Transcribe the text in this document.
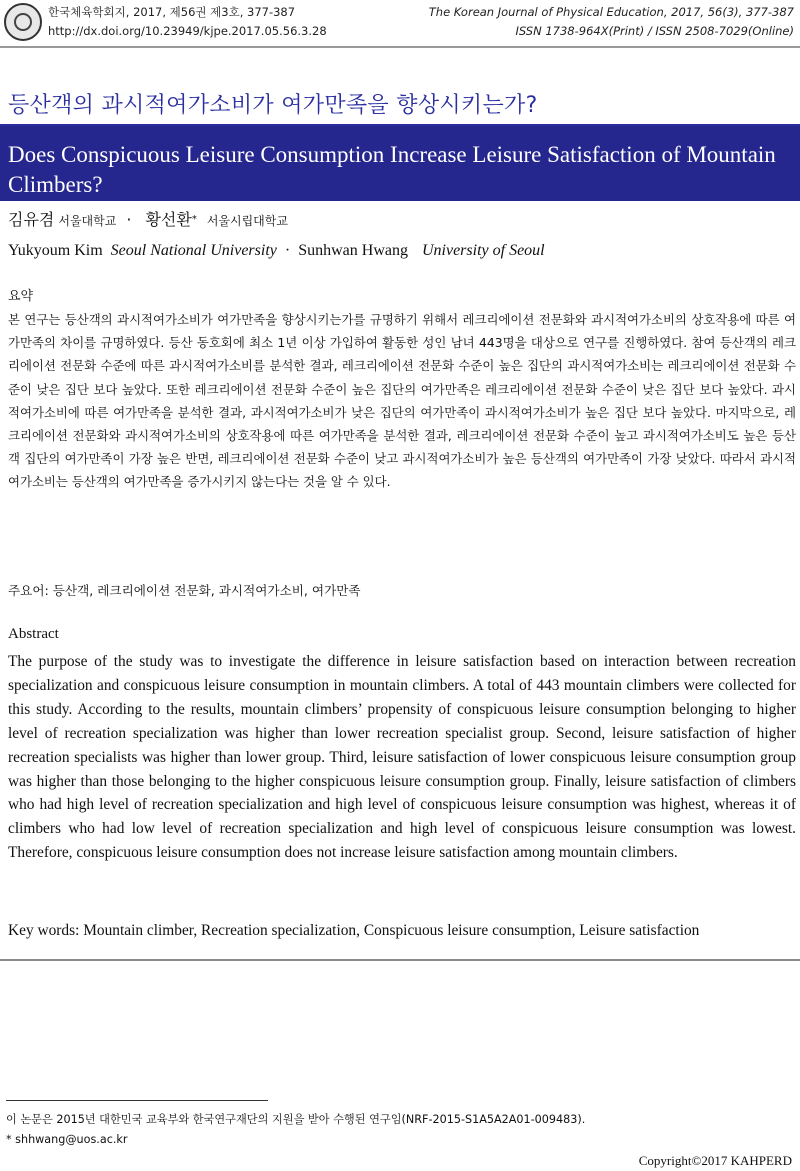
한국체육학회지, 2017, 제56권 제3호, 377-387
http://dx.doi.org/10.23949/kjpe.2017.05.56.3.28
The Korean Journal of Physical Education, 2017, 56(3), 377-387
ISSN 1738-964X(Print) / ISSN 2508-7029(Online)
등산객의 과시적여가소비가 여가만족을 향상시키는가?
Does Conspicuous Leisure Consumption Increase Leisure Satisfaction of Mountain Climbers?
김유겸 서울대학교 · 황선환* 서울시립대학교
Yukyoum Kim Seoul National University · Sunhwan Hwang University of Seoul
요약
본 연구는 등산객의 과시적여가소비가 여가만족을 향상시키는가를 규명하기 위해서 레크리에이션 전문화와 과시적여가소비의 상호작용에 따른 여가만족의 차이를 규명하였다. 등산 동호회에 최소 1년 이상 가입하여 활동한 성인 남녀 443명을 대상으로 연구를 진행하였다. 참여 등산객의 레크리에이션 전문화 수준에 따른 과시적여가소비를 분석한 결과, 레크리에이션 전문화 수준이 높은 집단의 과시적여가소비는 레크리에이션 전문화 수준이 낮은 집단 보다 높았다. 또한 레크리에이션 전문화 수준이 높은 집단의 여가만족은 레크리에이션 전문화 수준이 낮은 집단 보다 높았다. 과시적여가소비에 따른 여가만족을 분석한 결과, 과시적여가소비가 낮은 집단의 여가만족이 과시적여가소비가 높은 집단 보다 높았다. 마지막으로, 레크리에이션 전문화와 과시적여가소비의 상호작용에 따른 여가만족을 분석한 결과, 레크리에이션 전문화 수준이 높고 과시적여가소비도 높은 등산객 집단의 여가만족이 가장 높은 반면, 레크리에이션 전문화 수준이 낮고 과시적여가소비가 높은 등산객의 여가만족이 가장 낮았다. 따라서 과시적여가소비는 등산객의 여가만족을 증가시키지 않는다는 것을 알 수 있다.
주요어: 등산객, 레크리에이션 전문화, 과시적여가소비, 여가만족
Abstract
The purpose of the study was to investigate the difference in leisure satisfaction based on interaction between recreation specialization and conspicuous leisure consumption in mountain climbers. A total of 443 mountain climbers were collected for this study. According to the results, mountain climbers’ propensity of conspicuous leisure consumption belonging to higher level of recreation specialization was higher than lower recreation specialist group. Second, leisure satisfaction of higher recreation specialists was higher than lower group. Third, leisure satisfaction of lower conspicuous leisure consumption group was higher than those belonging to the higher conspicuous leisure consumption group. Finally, leisure satisfaction of climbers who had high level of recreation specialization and high level of conspicuous leisure consumption was highest, whereas it of climbers who had low level of recreation specialization and high level of conspicuous leisure consumption was lowest. Therefore, conspicuous leisure consumption does not increase leisure satisfaction among mountain climbers.
Key words: Mountain climber, Recreation specialization, Conspicuous leisure consumption, Leisure satisfaction
이 논문은 2015년 대한민국 교육부와 한국연구재단의 지원을 받아 수행된 연구임(NRF-2015-S1A5A2A01-009483).
* shhwang@uos.ac.kr
Copyright©2017 KAHPERD
